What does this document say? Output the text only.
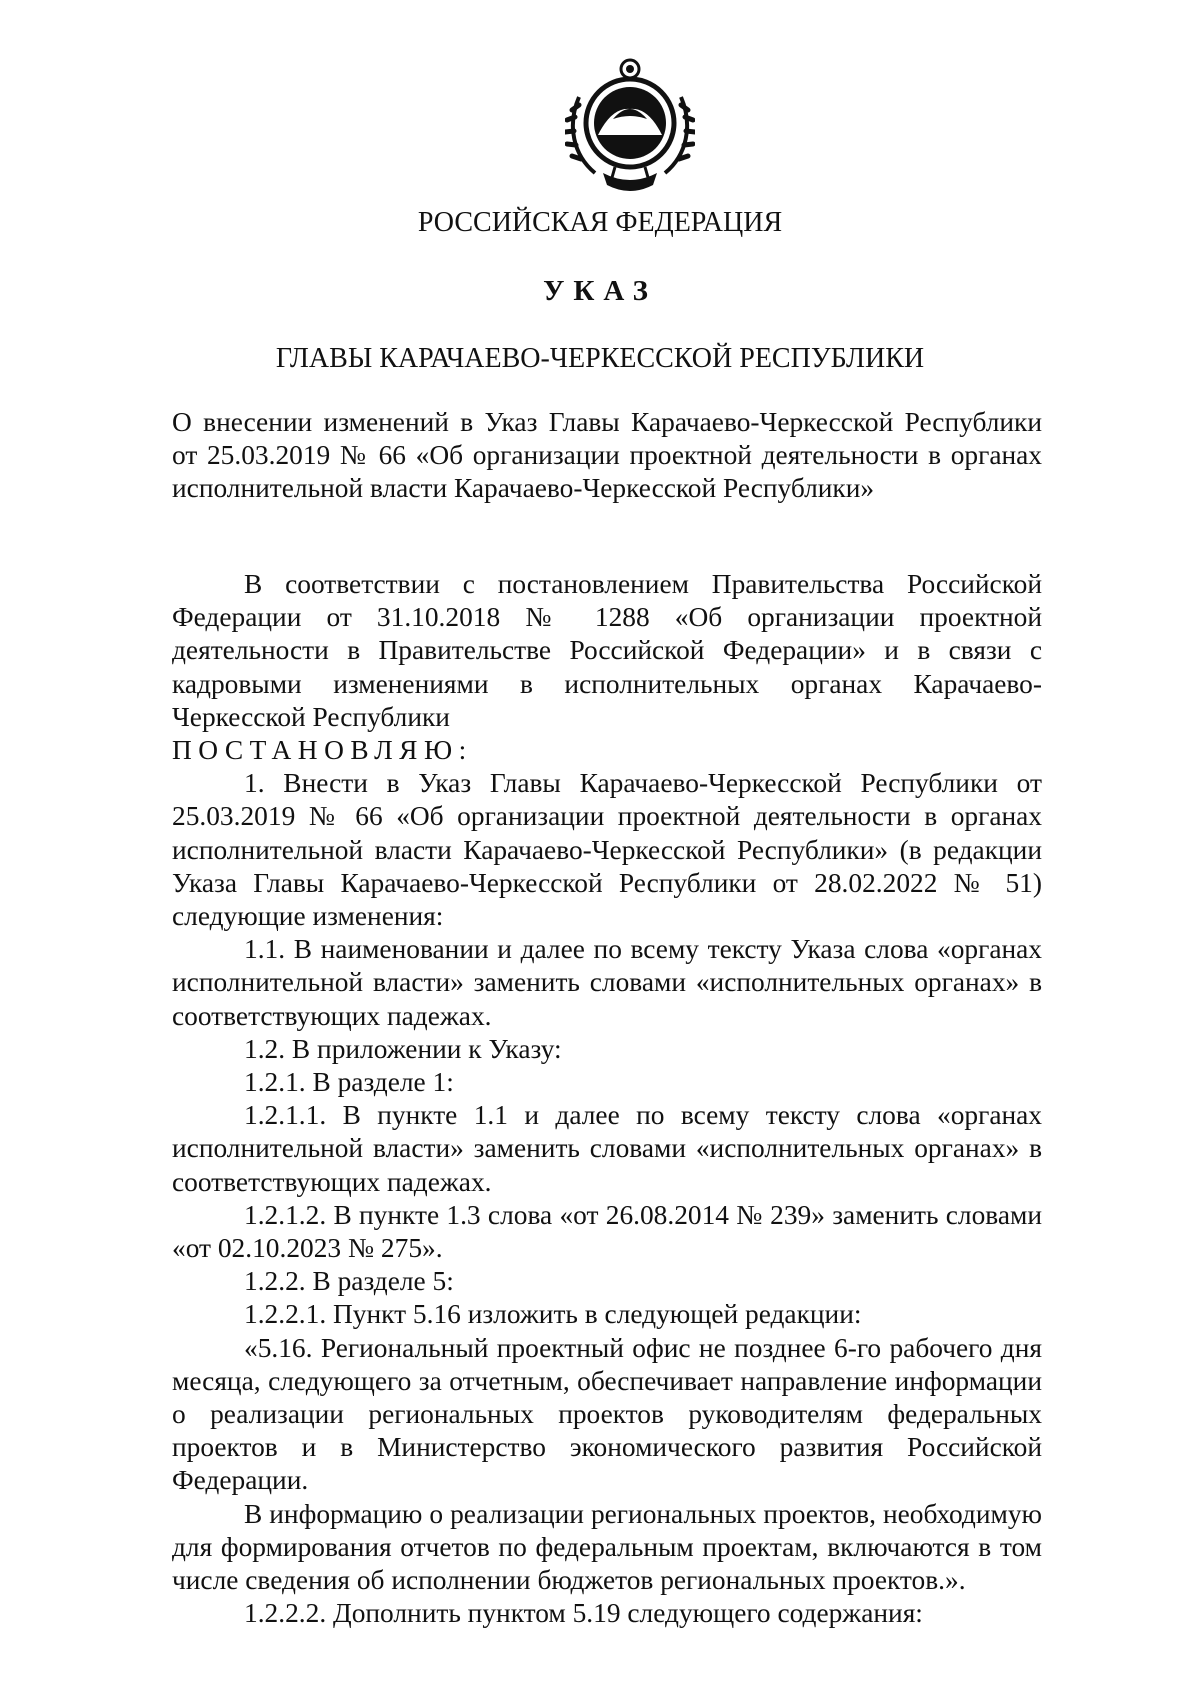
РОССИЙСКАЯ ФЕДЕРАЦИЯ
УКАЗ
ГЛАВЫ КАРАЧАЕВО-ЧЕРКЕССКОЙ РЕСПУБЛИКИ

О внесении изменений в Указ Главы Карачаево-Черкесской Республики от 25.03.2019 № 66 «Об организации проектной деятельности в органах исполнительной власти Карачаево-Черкесской Республики»

В соответствии с постановлением Правительства Российской Федерации от 31.10.2018 № 1288 «Об организации проектной деятельности в Правительстве Российской Федерации» и в связи с кадровыми изменениями в исполнительных органах Карачаево-Черкесской Республики

ПОСТАНОВЛЯЮ:

1. Внести в Указ Главы Карачаево-Черкесской Республики от 25.03.2019 № 66 «Об организации проектной деятельности в органах исполнительной власти Карачаево-Черкесской Республики» (в редакции Указа Главы Карачаево-Черкесской Республики от 28.02.2022 № 51) следующие изменения:

1.1. В наименовании и далее по всему тексту Указа слова «органах исполнительной власти» заменить словами «исполнительных органах» в соответствующих падежах.

1.2. В приложении к Указу:

1.2.1. В разделе 1:

1.2.1.1. В пункте 1.1 и далее по всему тексту слова «органах исполнительной власти» заменить словами «исполнительных органах» в соответствующих падежах.

1.2.1.2. В пункте 1.3 слова «от 26.08.2014 № 239» заменить словами «от 02.10.2023 № 275».

1.2.2. В разделе 5:

1.2.2.1. Пункт 5.16 изложить в следующей редакции:

«5.16. Региональный проектный офис не позднее 6-го рабочего дня месяца, следующего за отчетным, обеспечивает направление информации о реализации региональных проектов руководителям федеральных проектов и в Министерство экономического развития Российской Федерации.

В информацию о реализации региональных проектов, необходимую для формирования отчетов по федеральным проектам, включаются в том числе сведения об исполнении бюджетов региональных проектов.».

1.2.2.2. Дополнить пунктом 5.19 следующего содержания:
